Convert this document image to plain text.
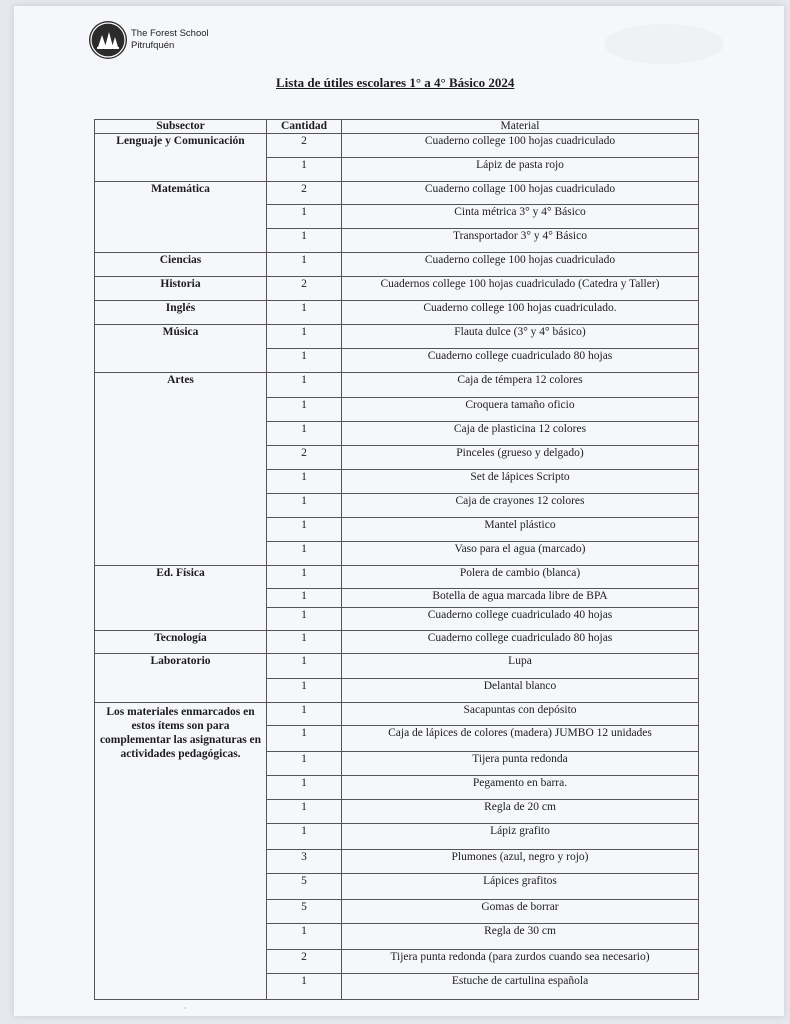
The Forest School
Pitrufquén
Lista de útiles escolares 1° a 4° Básico 2024
Subsector	Cantidad	Material
Lenguaje y Comunicación	2	Cuaderno college 100 hojas cuadriculado
	1	Lápiz de pasta rojo
Matemática	2	Cuaderno collage 100 hojas cuadriculado
	1	Cinta métrica 3° y 4° Básico
	1	Transportador 3° y 4° Básico
Ciencias	1	Cuaderno college 100 hojas cuadriculado
Historia	2	Cuadernos college 100 hojas cuadriculado (Catedra y Taller)
Inglés	1	Cuaderno college 100 hojas cuadriculado.
Música	1	Flauta dulce (3° y 4° básico)
	1	Cuaderno college cuadriculado 80 hojas
Artes	1	Caja de témpera 12 colores
	1	Croquera tamaño oficio
	1	Caja de plasticina 12 colores
	2	Pinceles (grueso y delgado)
	1	Set de lápices Scripto
	1	Caja de crayones 12 colores
	1	Mantel plástico
	1	Vaso para el agua (marcado)
Ed. Física	1	Polera de cambio (blanca)
	1	Botella de agua marcada libre de BPA
	1	Cuaderno college cuadriculado 40 hojas
Tecnología	1	Cuaderno college cuadriculado 80 hojas
Laboratorio	1	Lupa
	1	Delantal blanco
Los materiales enmarcados en estos ítems son para complementar las asignaturas en actividades pedagógicas.	1	Sacapuntas con depósito
	1	Caja de lápices de colores (madera) JUMBO 12 unidades
	1	Tijera punta redonda
	1	Pegamento en barra.
	1	Regla de 20 cm
	1	Lápiz grafito
	3	Plumones (azul, negro y rojo)
	5	Lápices grafitos
	5	Gomas de borrar
	1	Regla de 30 cm
	2	Tijera punta redonda (para zurdos cuando sea necesario)
	1	Estuche de cartulina española
·
